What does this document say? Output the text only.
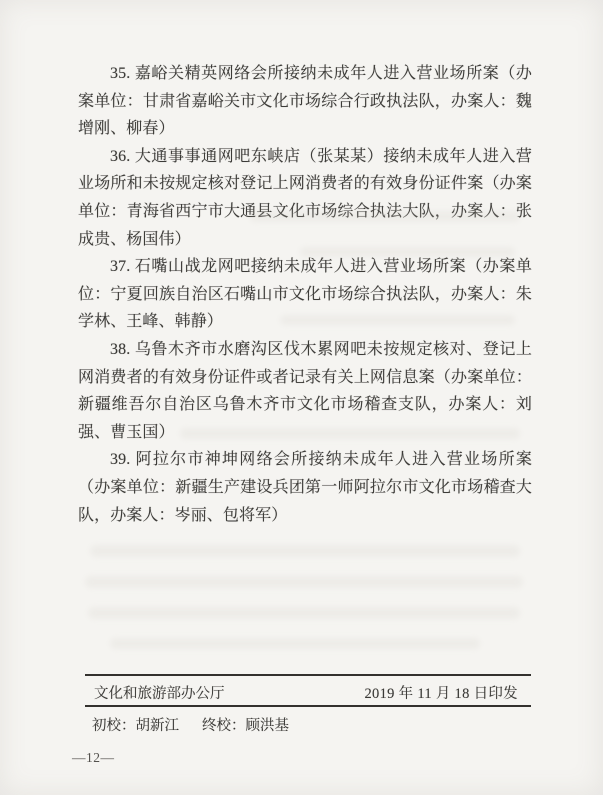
35. 嘉峪关精英网络会所接纳未成年人进入营业场所案（办案单位：甘肃省嘉峪关市文化市场综合行政执法队，办案人：魏增刚、柳春）

36. 大通事事通网吧东峡店（张某某）接纳未成年人进入营业场所和未按规定核对登记上网消费者的有效身份证件案（办案单位：青海省西宁市大通县文化市场综合执法大队，办案人：张成贵、杨国伟）

37. 石嘴山战龙网吧接纳未成年人进入营业场所案（办案单位：宁夏回族自治区石嘴山市文化市场综合执法队，办案人：朱学林、王峰、韩静）

38. 乌鲁木齐市水磨沟区伐木累网吧未按规定核对、登记上网消费者的有效身份证件或者记录有关上网信息案（办案单位：新疆维吾尔自治区乌鲁木齐市文化市场稽查支队，办案人：刘强、曹玉国）

39. 阿拉尔市神坤网络会所接纳未成年人进入营业场所案（办案单位：新疆生产建设兵团第一师阿拉尔市文化市场稽查大队，办案人：岑丽、包将军）

文化和旅游部办公厅	2019 年 11 月 18 日印发
初校：胡新江 终校：顾洪基
—12—
